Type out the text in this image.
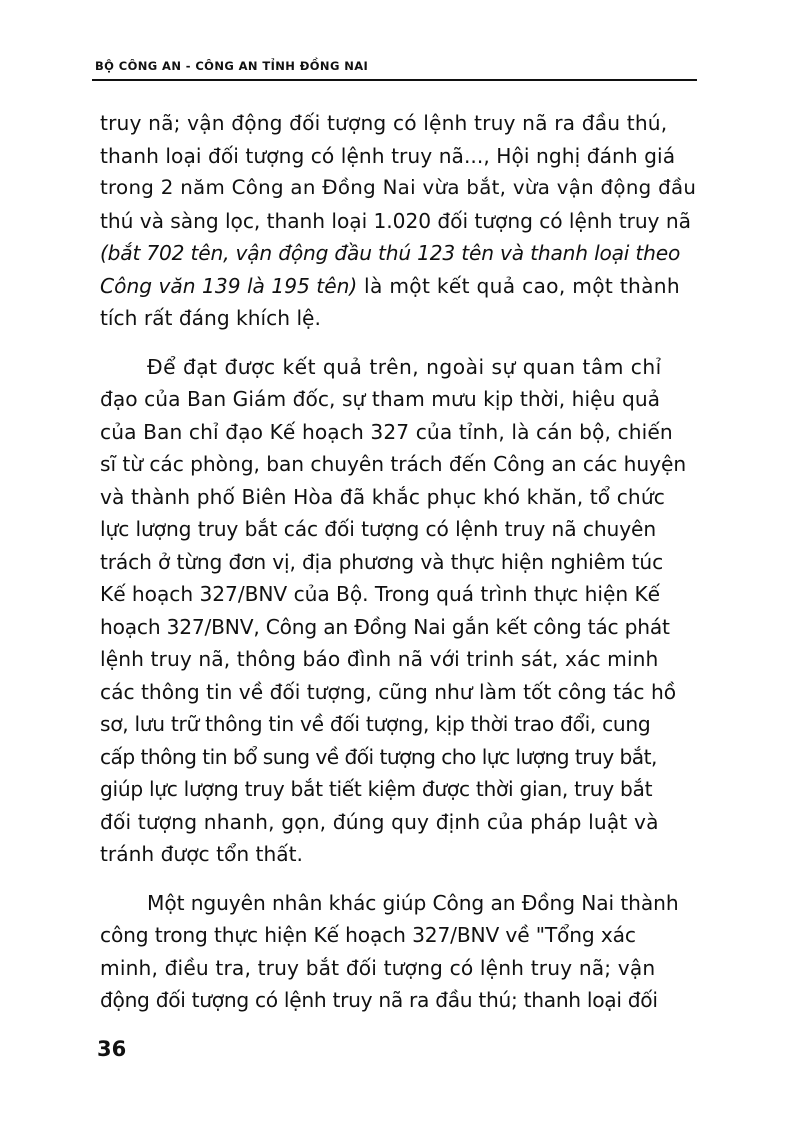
BỘ CÔNG AN - CÔNG AN TỈNH ĐỒNG NAI
truy nã; vận động đối tượng có lệnh truy nã ra đầu thú,
thanh loại đối tượng có lệnh truy nã..., Hội nghị đánh giá
trong 2 năm Công an Đồng Nai vừa bắt, vừa vận động đầu
thú và sàng lọc, thanh loại 1.020 đối tượng có lệnh truy nã
(bắt 702 tên, vận động đầu thú 123 tên và thanh loại theo
Công văn 139 là 195 tên) là một kết quả cao, một thành
tích rất đáng khích lệ.
Để đạt được kết quả trên, ngoài sự quan tâm chỉ
đạo của Ban Giám đốc, sự tham mưu kịp thời, hiệu quả
của Ban chỉ đạo Kế hoạch 327 của tỉnh, là cán bộ, chiến
sĩ từ các phòng, ban chuyên trách đến Công an các huyện
và thành phố Biên Hòa đã khắc phục khó khăn, tổ chức
lực lượng truy bắt các đối tượng có lệnh truy nã chuyên
trách ở từng đơn vị, địa phương và thực hiện nghiêm túc
Kế hoạch 327/BNV của Bộ. Trong quá trình thực hiện Kế
hoạch 327/BNV, Công an Đồng Nai gắn kết công tác phát
lệnh truy nã, thông báo đình nã với trinh sát, xác minh
các thông tin về đối tượng, cũng như làm tốt công tác hồ
sơ, lưu trữ thông tin về đối tượng, kịp thời trao đổi, cung
cấp thông tin bổ sung về đối tượng cho lực lượng truy bắt,
giúp lực lượng truy bắt tiết kiệm được thời gian, truy bắt
đối tượng nhanh, gọn, đúng quy định của pháp luật và
tránh được tổn thất.
Một nguyên nhân khác giúp Công an Đồng Nai thành
công trong thực hiện Kế hoạch 327/BNV về "Tổng xác
minh, điều tra, truy bắt đối tượng có lệnh truy nã; vận
động đối tượng có lệnh truy nã ra đầu thú; thanh loại đối
36
